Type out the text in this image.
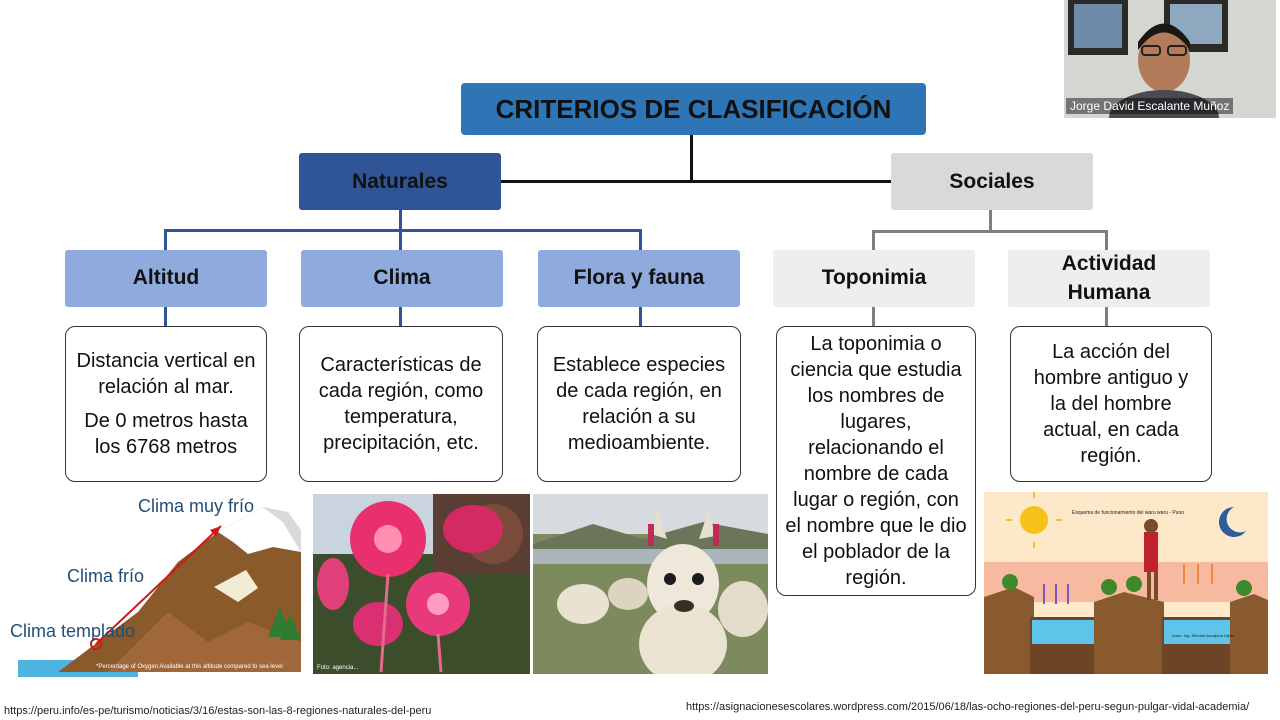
CRITERIOS DE CLASIFICACIÓN
Naturales	Sociales
Altitud	Clima	Flora y fauna	Toponimia
Actividad Humana
Distancia vertical en relación al mar.
De 0 metros hasta los 6768 metros
Características de cada región, como temperatura, precipitación, etc.
Establece especies de cada región, en relación a su medioambiente.
La toponimia o ciencia que estudia los nombres de lugares, relacionando el nombre de cada lugar o región, con el nombre que le dio el poblador de la región.
La acción del hombre antiguo y la del hombre actual, en cada región.
*Percentage of Oxygen Available at this altitude compared to sea level
Clima muy frío
Clima frío
Clima templado
Foto: agencia...
Esquema de funcionamiento del waru waru - Puno
Autor: Ing. Richard Ancajima Ojeda
Jorge David Escalante Muñoz
https://peru.info/es-pe/turismo/noticias/3/16/estas-son-las-8-regiones-naturales-del-peru	https://asignacionesescolares.wordpress.com/2015/06/18/las-ocho-regiones-del-peru-segun-pulgar-vidal-academia/
